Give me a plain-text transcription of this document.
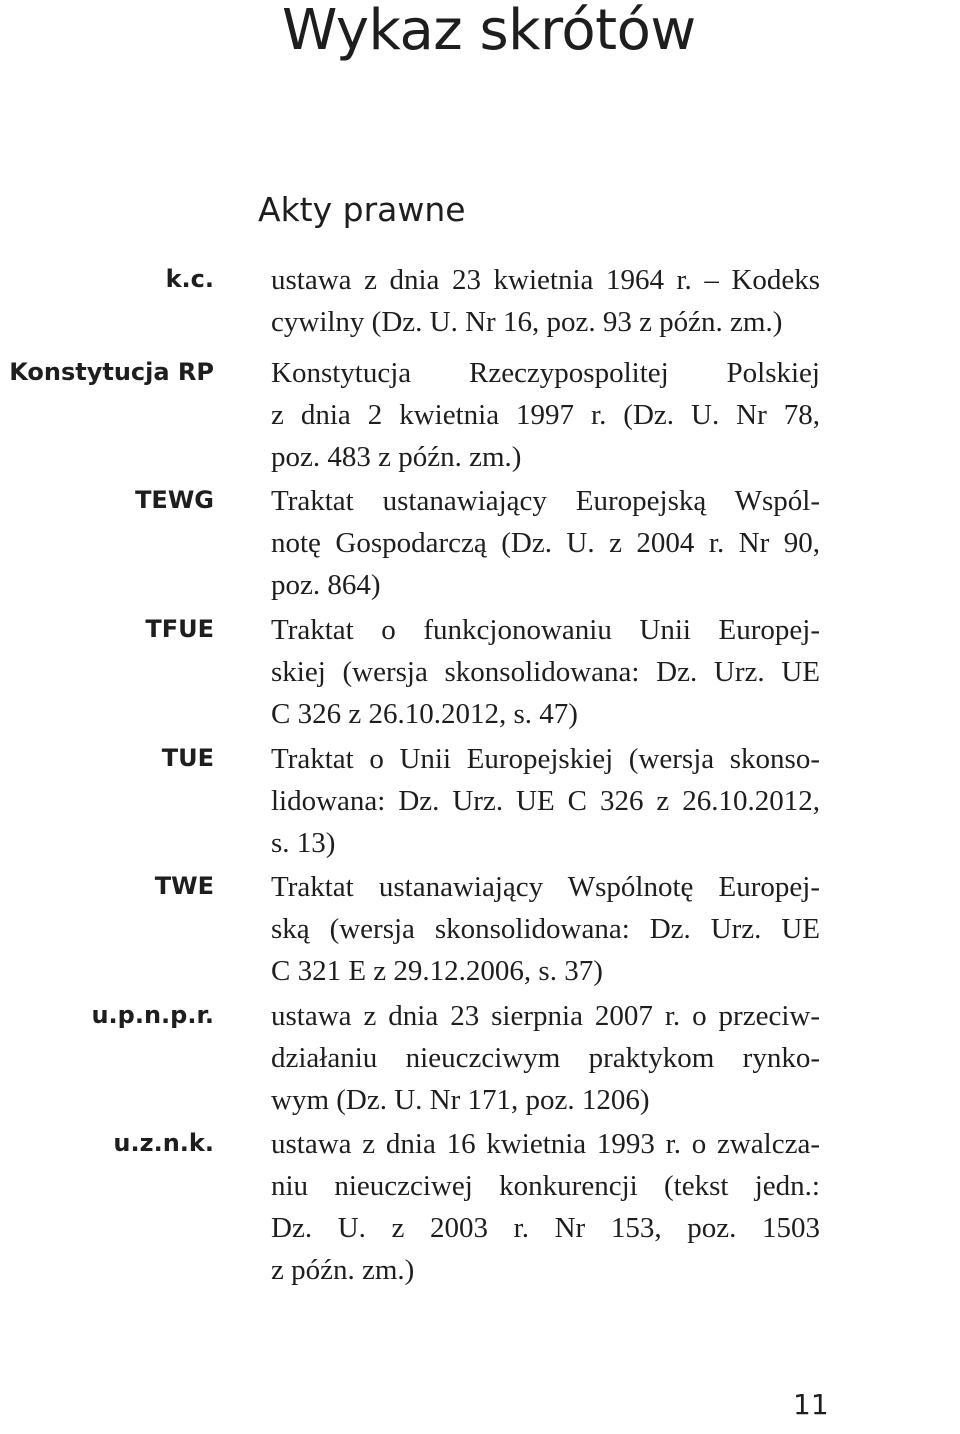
Wykaz skrótów
Akty prawne
k.c. ustawa z dnia 23 kwietnia 1964 r. – Kodeks
cywilny (Dz. U. Nr 16, poz. 93 z późn. zm.)
Konstytucja RP Konstytucja Rzeczypospolitej Polskiej
z dnia 2 kwietnia 1997 r. (Dz. U. Nr 78,
poz. 483 z późn. zm.)
TEWG Traktat ustanawiający Europejską Wspól-
notę Gospodarczą (Dz. U. z 2004 r. Nr 90,
poz. 864)
TFUE Traktat o funkcjonowaniu Unii Europej-
skiej (wersja skonsolidowana: Dz. Urz. UE
C 326 z 26.10.2012, s. 47)
TUE Traktat o Unii Europejskiej (wersja skonso-
lidowana: Dz. Urz. UE C 326 z 26.10.2012,
s. 13)
TWE Traktat ustanawiający Wspólnotę Europej-
ską (wersja skonsolidowana: Dz. Urz. UE
C 321 E z 29.12.2006, s. 37)
u.p.n.p.r. ustawa z dnia 23 sierpnia 2007 r. o przeciw-
działaniu nieuczciwym praktykom rynko-
wym (Dz. U. Nr 171, poz. 1206)
u.z.n.k. ustawa z dnia 16 kwietnia 1993 r. o zwalcza-
niu nieuczciwej konkurencji (tekst jedn.:
Dz. U. z 2003 r. Nr 153, poz. 1503
z późn. zm.)
11
